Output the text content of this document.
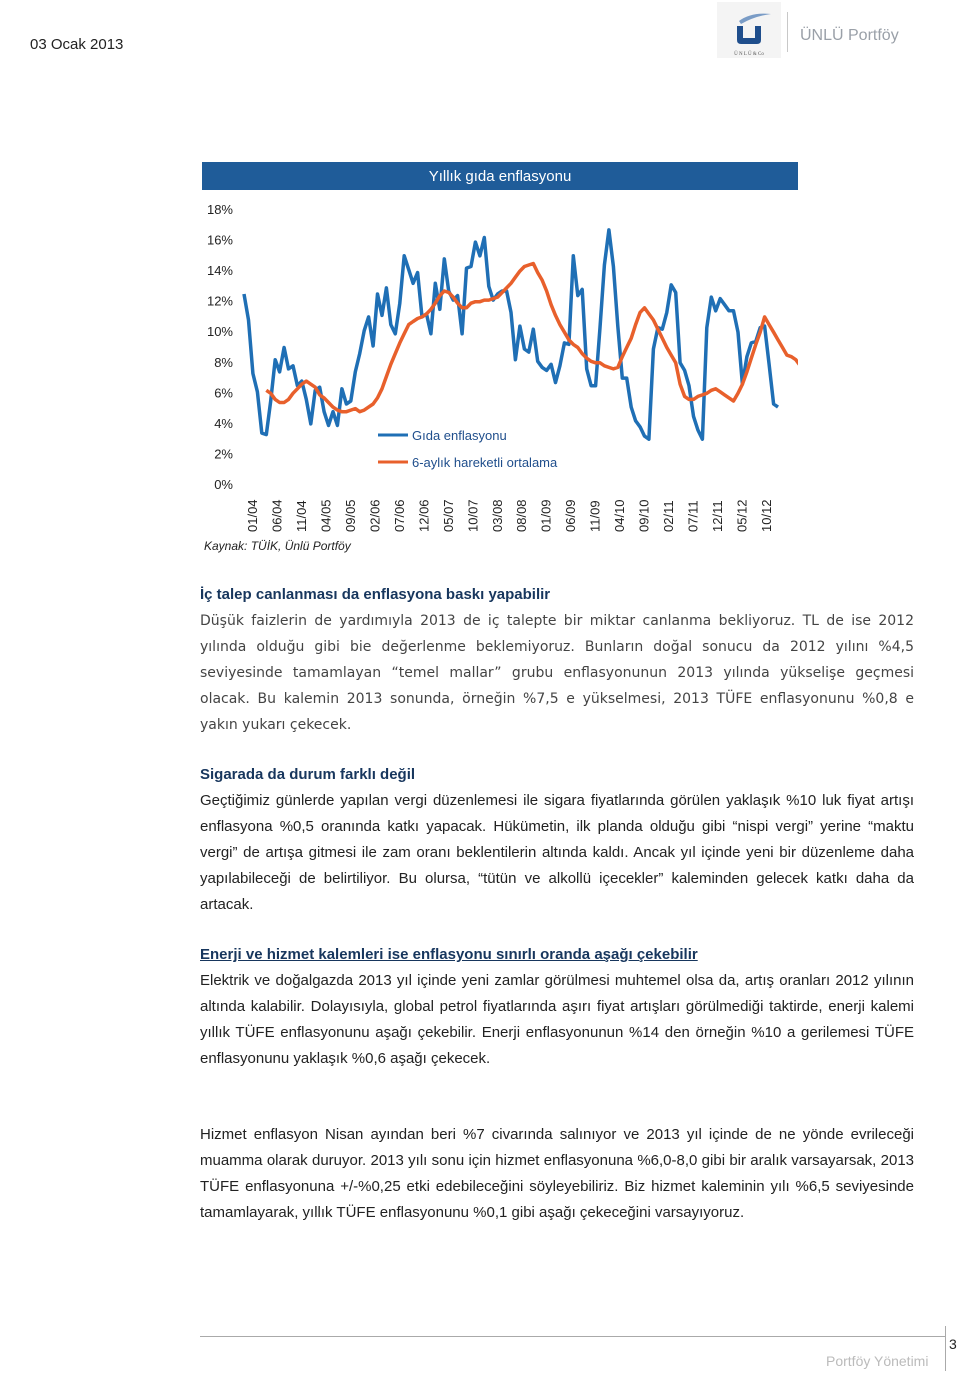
03 Ocak 2013
Ü N L Ü & Co
ÜNLÜ Portföy
Yıllık gıda enflasyonu
18%
16%
14%
12%
10%
8%
6%
4%
2%
0%
01/04 06/04 11/04 04/05 09/05 02/06 07/06 12/06 05/07 10/07 03/08 08/08 01/09 06/09 11/09 04/10 09/10 02/11 07/11 12/11 05/12 10/12
Gıda enflasyonu
6-aylık hareketli ortalama
Kaynak: TÜİK, Ünlü Portföy
İç talep canlanması da enflasyona baskı yapabilir

Düşük faizlerin de yardımıyla 2013 de iç talepte bir miktar canlanma bekliyoruz. TL de ise 2012 yılında olduğu gibi bie değerlenme beklemiyoruz. Bunların doğal sonucu da 2012 yılını %4,5 seviyesinde tamamlayan “temel mallar” grubu enflasyonunun 2013 yılında yükselişe geçmesi olacak. Bu kalemin 2013 sonunda, örneğin %7,5 e yükselmesi, 2013 TÜFE enflasyonunu %0,8 e yakın yukarı çekecek.

Sigarada da durum farklı değil

Geçtiğimiz günlerde yapılan vergi düzenlemesi ile sigara fiyatlarında görülen yaklaşık %10 luk fiyat artışı enflasyona %0,5 oranında katkı yapacak. Hükümetin, ilk planda olduğu gibi “nispi vergi” yerine “maktu vergi” de artışa gitmesi ile zam oranı beklentilerin altında kaldı. Ancak yıl içinde yeni bir düzenleme daha yapılabileceği de belirtiliyor. Bu olursa, “tütün ve alkollü içecekler” kaleminden gelecek katkı daha da artacak.

Enerji ve hizmet kalemleri ise enflasyonu sınırlı oranda aşağı çekebilir

Elektrik ve doğalgazda 2013 yıl içinde yeni zamlar görülmesi muhtemel olsa da, artış oranları 2012 yılının altında kalabilir. Dolayısıyla, global petrol fiyatlarında aşırı fiyat artışları görülmediği taktirde, enerji kalemi yıllık TÜFE enflasyonunu aşağı çekebilir. Enerji enflasyonunun %14 den örneğin %10 a gerilemesi TÜFE enflasyonunu yaklaşık %0,6 aşağı çekecek.

Hizmet enflasyon Nisan ayından beri %7 civarında salınıyor ve 2013 yıl içinde de ne yönde evrileceği muamma olarak duruyor. 2013 yılı sonu için hizmet enflasyonuna %6,0-8,0 gibi bir aralık varsayarsak, 2013 TÜFE enflasyonuna +/-%0,25 etki edebileceğini söyleyebiliriz. Biz hizmet kaleminin yılı %6,5 seviyesinde tamamlayarak, yıllık TÜFE enflasyonunu %0,1 gibi aşağı çekeceğini varsayıyoruz.

3
Portföy Yönetimi
